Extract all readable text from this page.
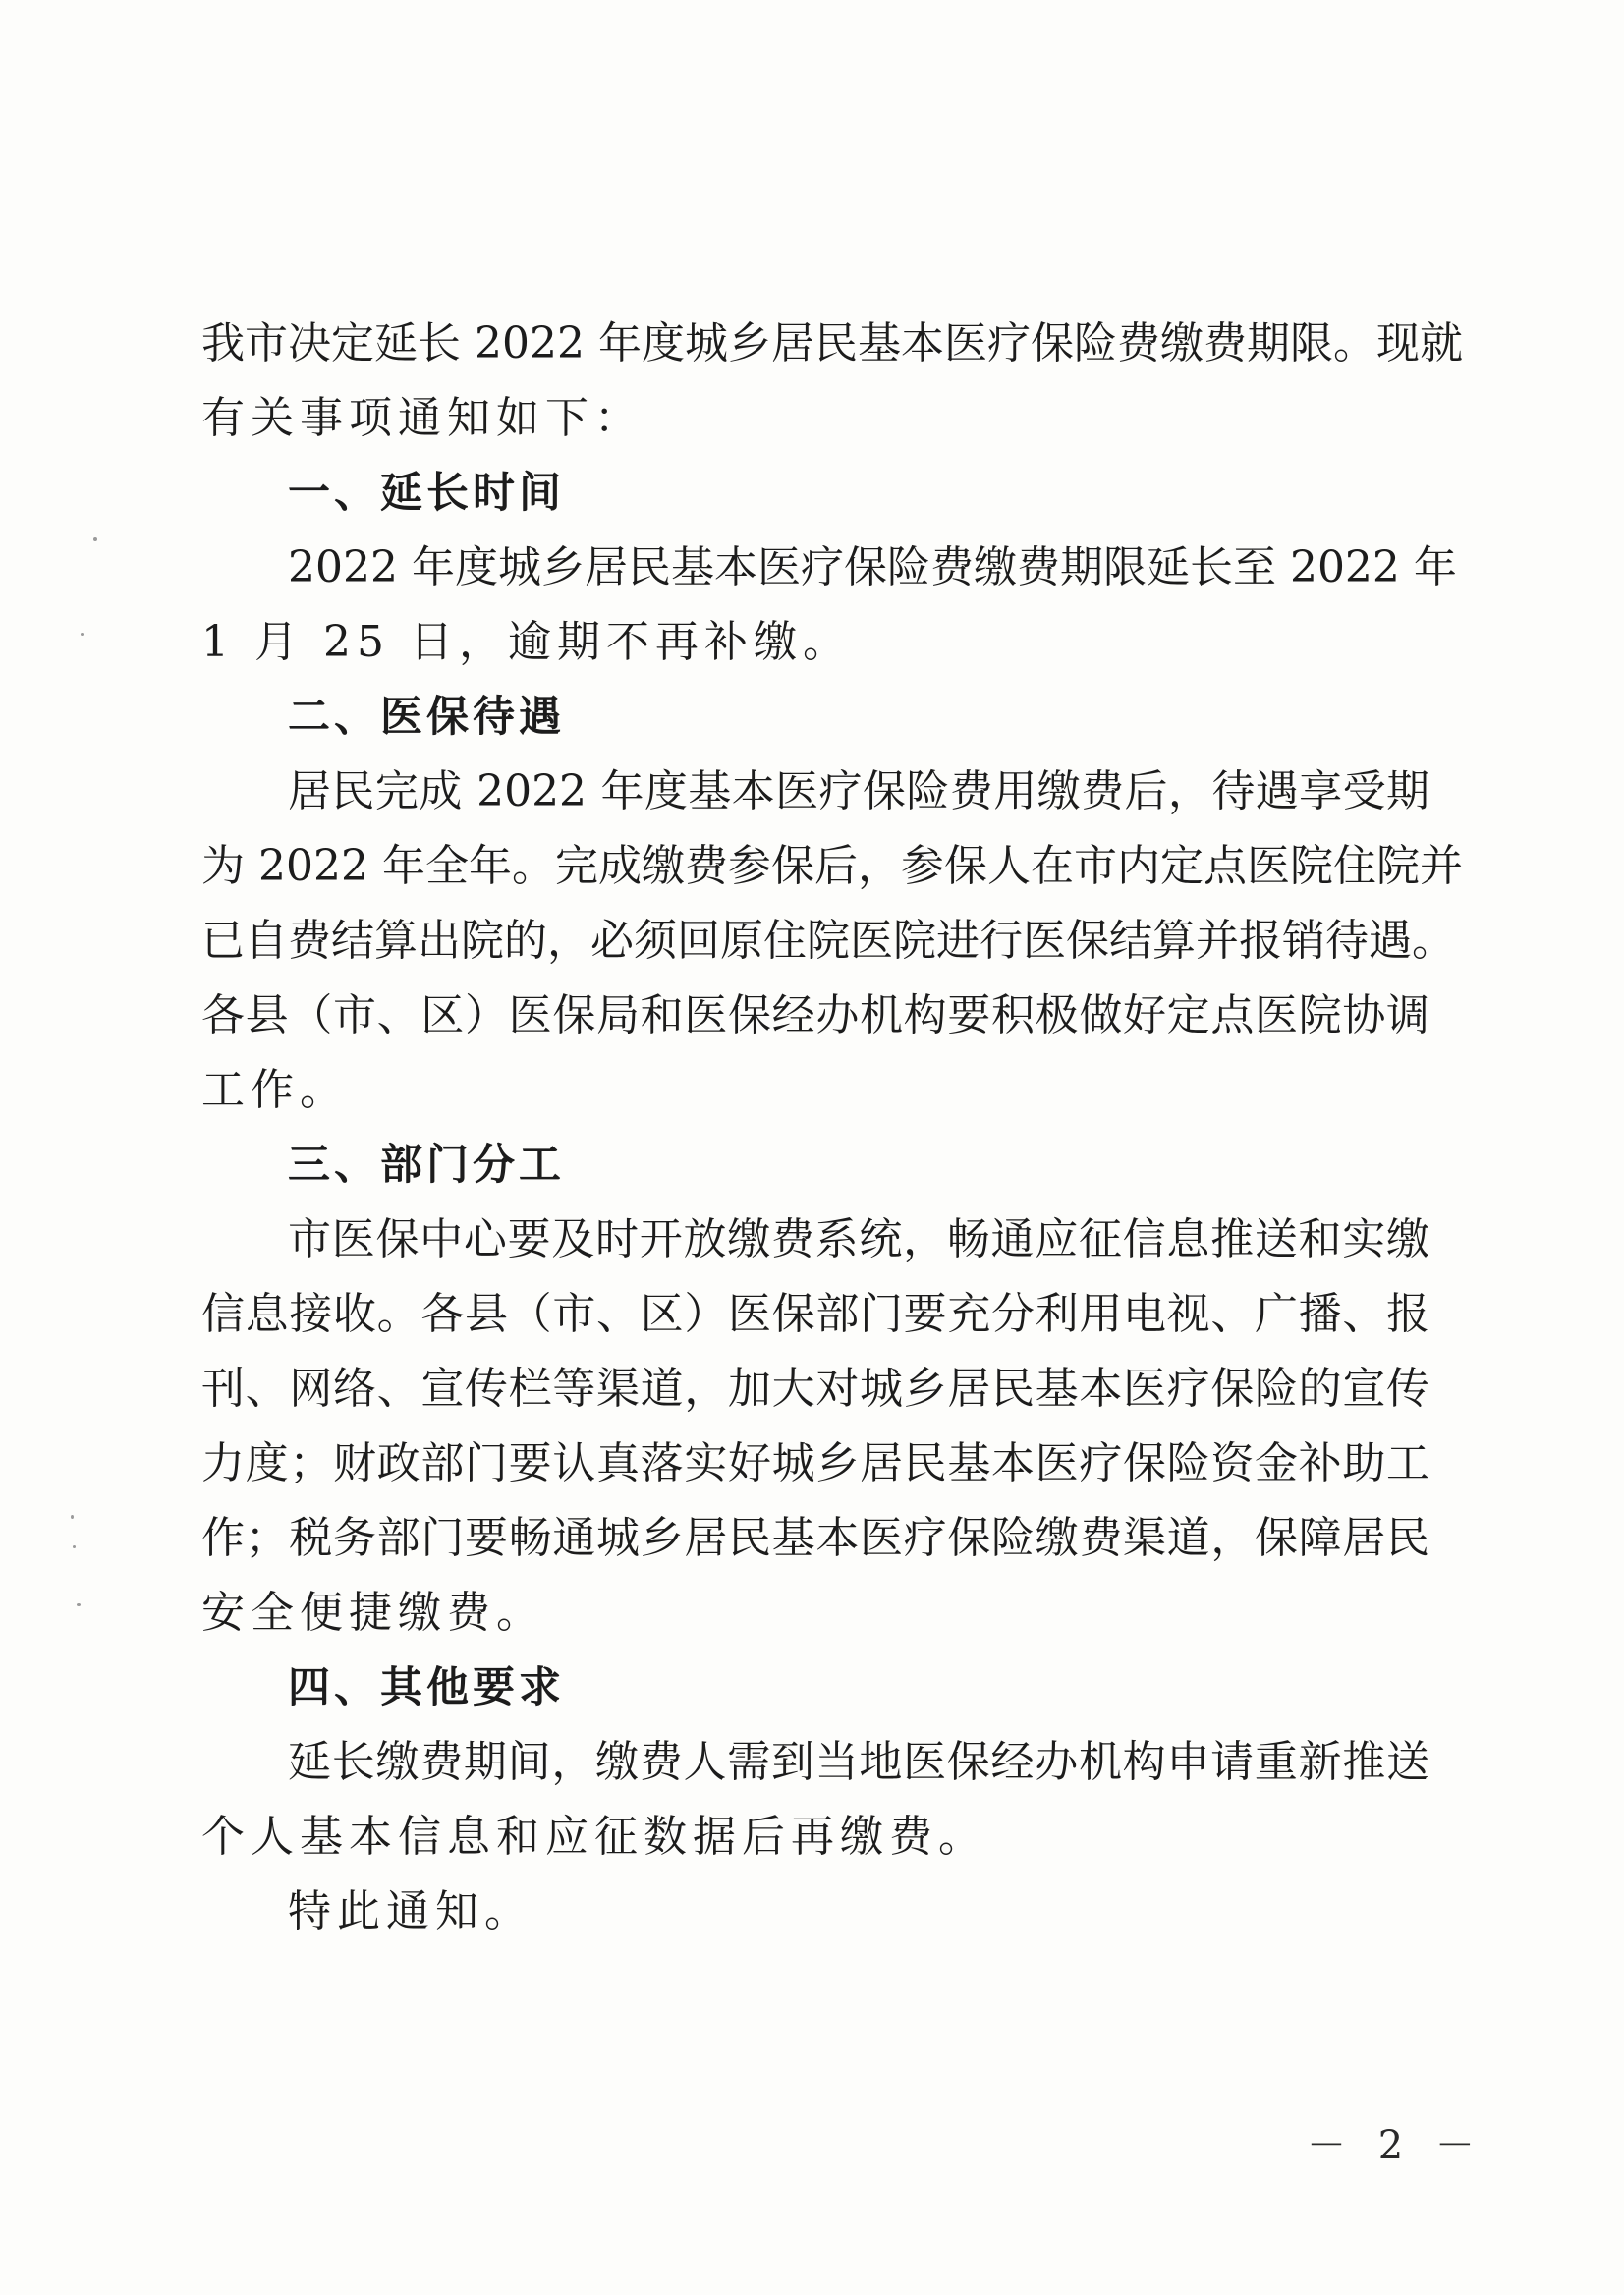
我市决定延长 2022 年度城乡居民基本医疗保险费缴费期限。现就
有关事项通知如下：
一、延长时间
2022 年度城乡居民基本医疗保险费缴费期限延长至 2022 年
1 月 25 日，逾期不再补缴。
二、医保待遇
居民完成 2022 年度基本医疗保险费用缴费后，待遇享受期
为 2022 年全年。完成缴费参保后，参保人在市内定点医院住院并
已自费结算出院的，必须回原住院医院进行医保结算并报销待遇。
各县（市、区）医保局和医保经办机构要积极做好定点医院协调
工作。
三、部门分工
市医保中心要及时开放缴费系统，畅通应征信息推送和实缴
信息接收。各县（市、区）医保部门要充分利用电视、广播、报
刊、网络、宣传栏等渠道，加大对城乡居民基本医疗保险的宣传
力度；财政部门要认真落实好城乡居民基本医疗保险资金补助工
作；税务部门要畅通城乡居民基本医疗保险缴费渠道，保障居民
安全便捷缴费。
四、其他要求
延长缴费期间，缴费人需到当地医保经办机构申请重新推送
个人基本信息和应征数据后再缴费。
特此通知。
－ 2 －
